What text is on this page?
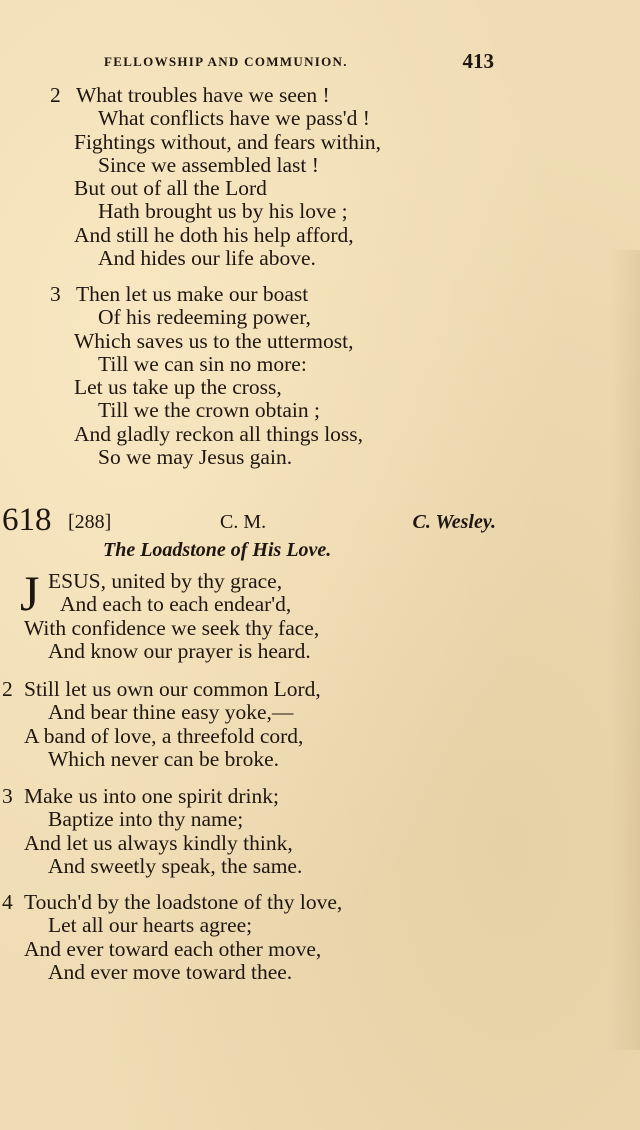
FELLOWSHIP AND COMMUNION.	413
2 What troubles have we seen !
What conflicts have we pass'd !
Fightings without, and fears within,
Since we assembled last !
But out of all the Lord
Hath brought us by his love ;
And still he doth his help afford,
And hides our life above.
3 Then let us make our boast
Of his redeeming power,
Which saves us to the uttermost,
Till we can sin no more:
Let us take up the cross,
Till we the crown obtain ;
And gladly reckon all things loss,
So we may Jesus gain.
618 [288]	C. M.	C. Wesley.
The Loadstone of His Love.
J ESUS, united by thy grace,
And each to each endear'd,
With confidence we seek thy face,
And know our prayer is heard.
2 Still let us own our common Lord,
And bear thine easy yoke,—
A band of love, a threefold cord,
Which never can be broke.
3 Make us into one spirit drink;
Baptize into thy name;
And let us always kindly think,
And sweetly speak, the same.
4 Touch'd by the loadstone of thy love,
Let all our hearts agree;
And ever toward each other move,
And ever move toward thee.
